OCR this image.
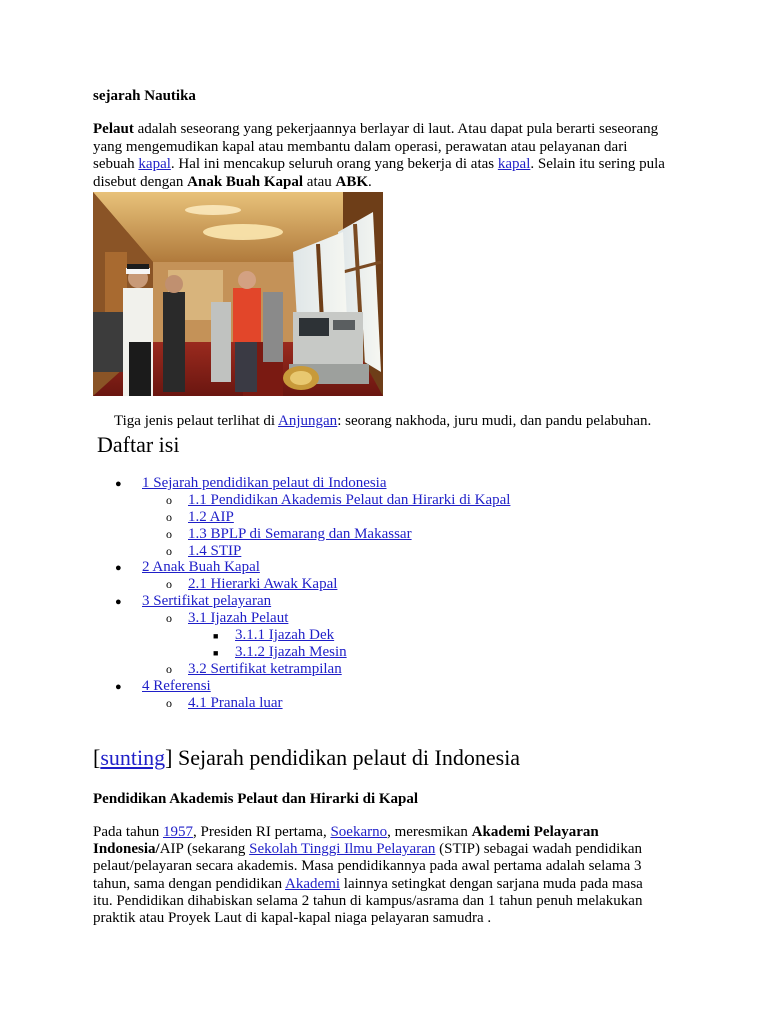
sejarah Nautika

Pelaut adalah seseorang yang pekerjaannya berlayar di laut. Atau dapat pula berarti seseorang yang mengemudikan kapal atau membantu dalam operasi, perawatan atau pelayanan dari sebuah kapal. Hal ini mencakup seluruh orang yang bekerja di atas kapal. Selain itu sering pula disebut dengan Anak Buah Kapal atau ABK.

Tiga jenis pelaut terlihat di Anjungan: seorang nakhoda, juru mudi, dan pandu pelabuhan.

Daftar isi
● 1 Sejarah pendidikan pelaut di Indonesia
o 1.1 Pendidikan Akademis Pelaut dan Hirarki di Kapal
o 1.2 AIP
o 1.3 BPLP di Semarang dan Makassar
o 1.4 STIP
● 2 Anak Buah Kapal
o 2.1 Hierarki Awak Kapal
● 3 Sertifikat pelayaran
o 3.1 Ijazah Pelaut
■ 3.1.1 Ijazah Dek
■ 3.1.2 Ijazah Mesin
o 3.2 Sertifikat ketrampilan
● 4 Referensi
o 4.1 Pranala luar
[sunting] Sejarah pendidikan pelaut di Indonesia
Pendidikan Akademis Pelaut dan Hirarki di Kapal

Pada tahun 1957, Presiden RI pertama, Soekarno, meresmikan Akademi Pelayaran Indonesia/AIP (sekarang Sekolah Tinggi Ilmu Pelayaran (STIP) sebagai wadah pendidikan pelaut/pelayaran secara akademis. Masa pendidikannya pada awal pertama adalah selama 3 tahun, sama dengan pendidikan Akademi lainnya setingkat dengan sarjana muda pada masa itu. Pendidikan dihabiskan selama 2 tahun di kampus/asrama dan 1 tahun penuh melakukan praktik atau Proyek Laut di kapal-kapal niaga pelayaran samudra .
